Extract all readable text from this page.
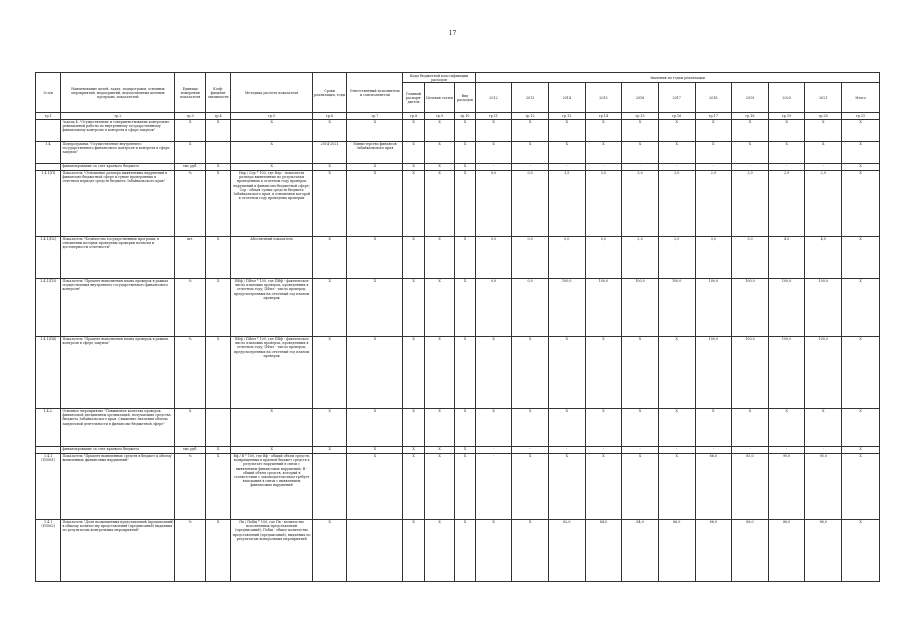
17
№ п/п	Наименование целей, задач, подпрограмм, основных мероприятий, мероприятий, ведомственных целевых программ, показателей	Единица измерения показателя	Коэф-фициент значимости	Методика расчета показателя	Сроки реализации, годы	Ответственный исполнитель и соисполнители	Коды бюджетной классификации расходов			Значения по годам реализации										
							Главный распоря-дитель	Целевая статья	Вид расходов	2012	2013	2014	2015	2016	2017	2018	2019	2020	2021	Итого
гр.1	гр.2	гр.3	гр.4	гр.5	гр.6	гр.7	гр.8	гр.9	гр.10	гр.11	гр.12	гр.13	гр.14	гр.15	гр.16	гр.17	гр.18	гр.19	гр.20	гр.21
	Задача 4. "Осуществление и совершенствование контрольно-ревизионной работы по внутреннему государственному финансовому контролю в контроля в сфере закупок"	Х	Х	Х	Х	Х	Х	Х	Х	Х	Х	Х	Х	Х	Х	Х	Х	Х	Х	Х
1.4.	Подпрограмма "Осуществление внутреннего государственного финансового контроля и контроля в сфере закупок"	Х		Х	2014-2021	Министерство финансов Забайкальского края	Х	Х	Х	Х	Х	Х	Х	Х	Х	Х	Х	Х	Х	Х
	финансирование за счет краевого бюджета	тыс.руб.	Х	Х	Х	Х	Х	Х	Х	-	-	-	-	-	-	-	-	-	-	Х
1.4.1(П)	Показатель "Отношение размера выявленных нарушений в финансово-бюджетной сфере к сумме проверенных в отчетном периоде средств бюджета Забайкальского края"	%	Х	Нар / Сор * 100, где Нар - показатель размера выявленных по результатам проведенных в отчетном году проверок нарушений в финансово-бюджетной сфере; Сор - общая сумма средств бюджета Забайкальского края, в отношении которой в отчетном году проведены проверки	Х	Х	Х	Х	Х	0,0	0,0	1,5	3,0	3,0	3,0	2,9	2,9	2,9	2,9	Х
1.4.1(П2)	Показатель "Количество государственных программ, в отношении которых проведены проверки полноты и достоверности отчетности"	шт.	Х	Абсолютный показатель	Х	Х	Х	Х	Х	0,0	0,0	0,0	0,0	2,0	2,0	3,0	3,0	4,0	4,0	Х
1.4.1(П3)	Показатель "Процент выполнения плана проверок в рамках осуществления внутреннего государственного финансового контроля"	%	Х	ПФф / ПФпл * 100, где ПФф - фактическое число плановых проверок, проведенных в отчетном году; ПФпл - число проверок, предусмотренных на отчетный год планом проверок	Х	Х	Х	Х	Х	0,0	0,0	100,0	100,0	100,0	100,0	100,0	100,0	100,0	100,0	Х
1.4.1(П4)	Показатель "Процент выполнения плана проверок в рамках контроля в сфере закупок"	%	Х	ПФф / ПФпл * 100, где ПФф - фактическое число плановых проверок, проведенных в отчетном году; ПФпл - число проверок, предусмотренных на отчетный год планом проверок	Х	Х	Х	Х	Х	Х	Х	Х	Х	Х	Х	100,0	100,0	100,0	100,0	Х
1.4.2.	Основное мероприятие "Повышение качества проверок финансовой дисциплины организаций, получающих средства бюджета Забайкальского края. Снижение значения объема закупочной деятельности в финансово-бюджетной сфере"	Х		Х	Х	Х	Х	Х	Х	Х	Х	Х	Х	Х	Х	Х	Х	Х	Х	Х
	финансирование за счет краевого бюджета	тыс.руб.	Х	Х	Х	Х	Х	Х	Х	-	-	-	-	-	-	-	-	-	-	Х
1.4.1 (ПОМ1)	Показатель "Процент выявленных средств в бюджет к объему выявленных финансовых нарушений"	%	Х	Вф / В * 100, где Вф - общий объем средств, возвращенных в краевой бюджет средств в результате нарушений в связи с выявлением финансовых нарушений; В - общий объем средств, который в соответствии с законодательством требует взыскания в связи с выявлением финансовых нарушений		Х	Х	Х	Х	-	Х	Х	Х	Х	Х	86,0	85,0	90,0	95,0	Х
1.4.1 (ПОМ2)	Показатель "Доля возмещенных представлений (предписаний) в общему количеству представлений (предписаний) выданных по результатам контрольных мероприятий"	%	Х	Пв / Побщ * 100, где Пв - количество исполненных представлений (предписаний); Побщ - общее количество представлений (предписаний), выданных по результатам контрольных мероприятий	Х		Х	Х	Х	Х	Х	82,0	84,0	84,0	86,0	86,0	88,0	88,0	88,0	Х
